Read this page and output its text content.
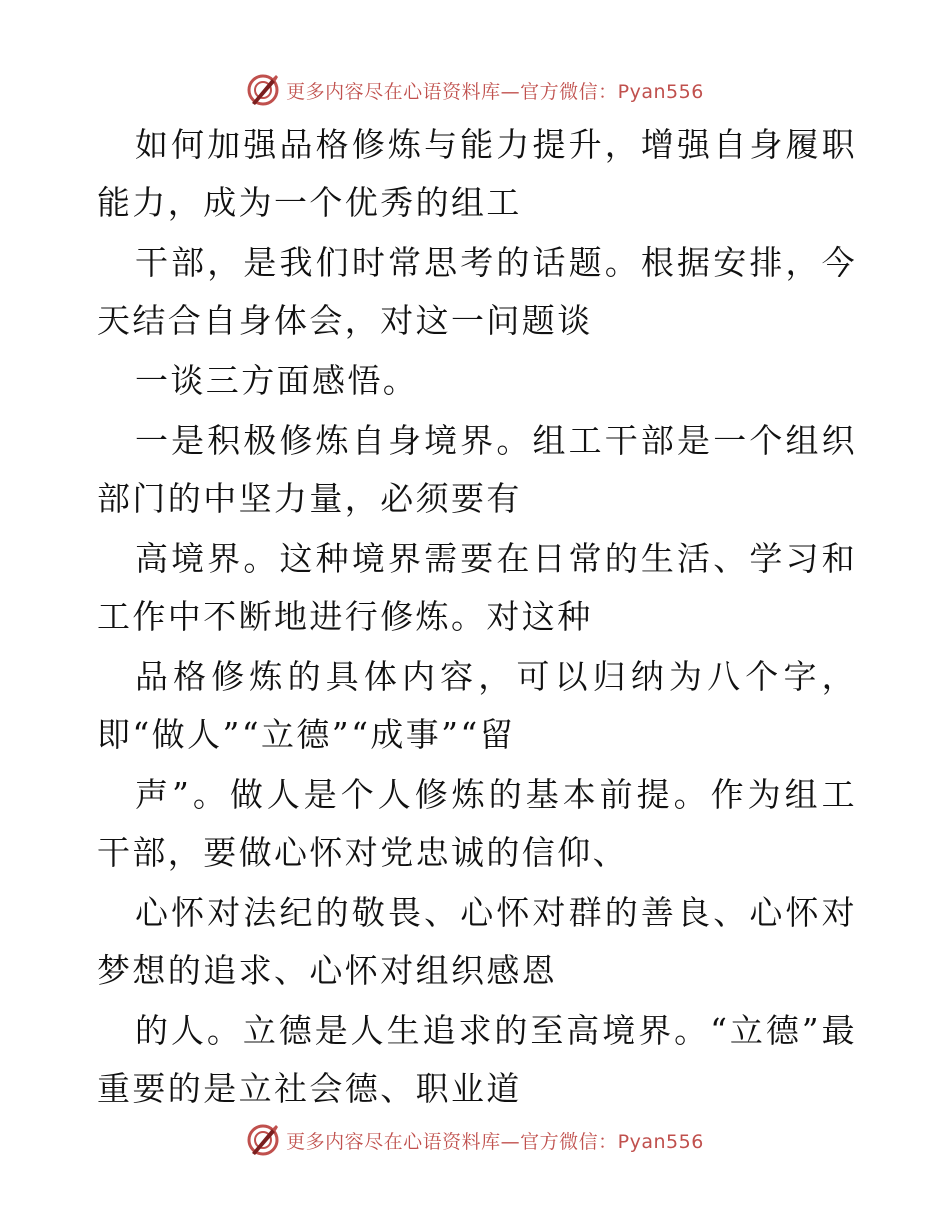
更多内容尽在心语资料库—官方微信：Pyan556

如何加强品格修炼与能力提升，增强自身履职能力，成为一个优秀的组工

干部，是我们时常思考的话题。根据安排，今天结合自身体会，对这一问题谈

一谈三方面感悟。

一是积极修炼自身境界。组工干部是一个组织部门的中坚力量，必须要有

高境界。这种境界需要在日常的生活、学习和工作中不断地进行修炼。对这种

品格修炼的具体内容，可以归纳为八个字，即“做人”“立德”“成事”“留

声”。做人是个人修炼的基本前提。作为组工干部，要做心怀对党忠诚的信仰、

心怀对法纪的敬畏、心怀对群的善良、心怀对梦想的追求、心怀对组织感恩

的人。立德是人生追求的至高境界。“立德”最重要的是立社会德、职业道

更多内容尽在心语资料库—官方微信：Pyan556
